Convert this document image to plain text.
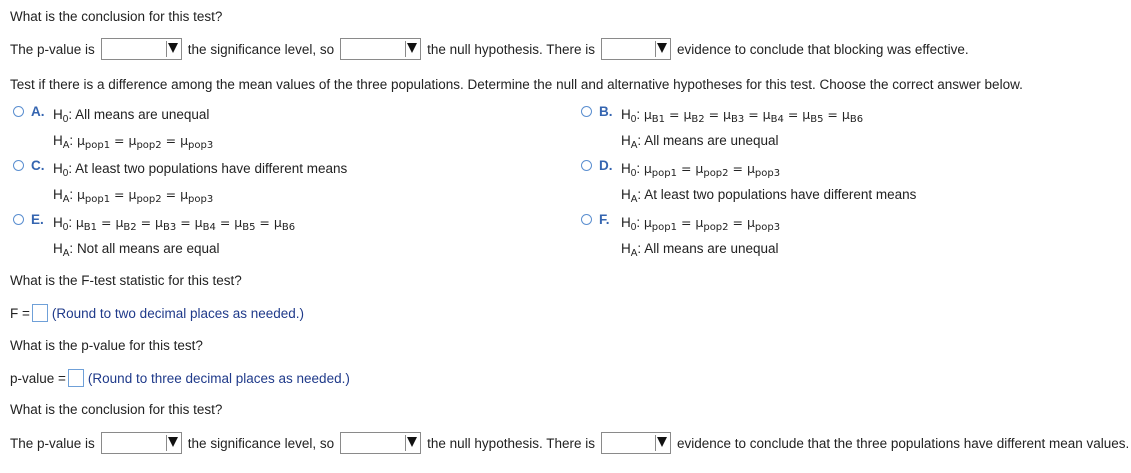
What is the conclusion for this test?
The p-value is	the significance level, so	the null hypothesis. There is	evidence to conclude that blocking was effective.
Test if there is a difference among the mean values of the three populations. Determine the null and alternative hypotheses for this test. Choose the correct answer below.
A. $H_0$: All means are unequal
$H_A$: $\mu_{pop1} = \mu_{pop2} = \mu_{pop3}$
B. $H_0$: $\mu_{B1} = \mu_{B2} = \mu_{B3} = \mu_{B4} = \mu_{B5} = \mu_{B6}$
$H_A$: All means are unequal
C. $H_0$: At least two populations have different means
$H_A$: $\mu_{pop1} = \mu_{pop2} = \mu_{pop3}$
D. $H_0$: $\mu_{pop1} = \mu_{pop2} = \mu_{pop3}$
$H_A$: At least two populations have different means
E. $H_0$: $\mu_{B1} = \mu_{B2} = \mu_{B3} = \mu_{B4} = \mu_{B5} = \mu_{B6}$
$H_A$: Not all means are equal
F. $H_0$: $\mu_{pop1} = \mu_{pop2} = \mu_{pop3}$
$H_A$: All means are unequal
What is the F-test statistic for this test?
F = (Round to two decimal places as needed.)
What is the p-value for this test?
p-value = (Round to three decimal places as needed.)
What is the conclusion for this test?
The p-value is	the significance level, so	the null hypothesis. There is	evidence to conclude that the three populations have different mean values.
